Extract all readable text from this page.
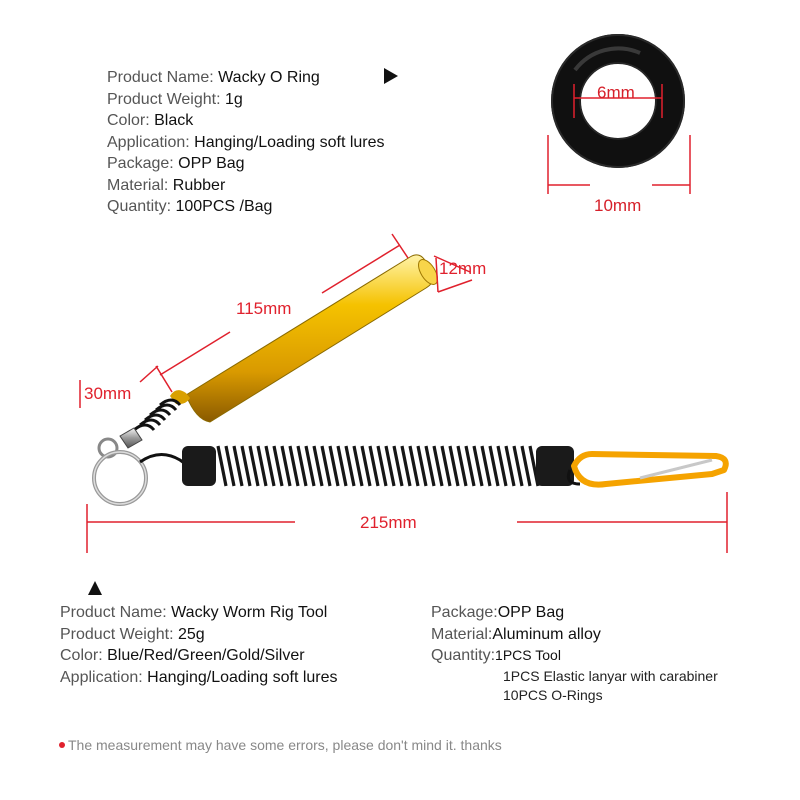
Product Name: Wacky O Ring
Product Weight: 1g
Color: Black
Application: Hanging/Loading soft lures
Package: OPP Bag
Material: Rubber
Quantity: 100PCS /Bag
6mm
10mm
12mm
115mm
30mm
215mm
Product Name: Wacky Worm Rig Tool
Product Weight: 25g
Color: Blue/Red/Green/Gold/Silver
Application: Hanging/Loading soft lures
Package:OPP Bag
Material:Aluminum alloy
Quantity:1PCS Tool
1PCS Elastic lanyar with carabiner
10PCS O-Rings
The measurement may have some errors, please don't mind it. thanks
